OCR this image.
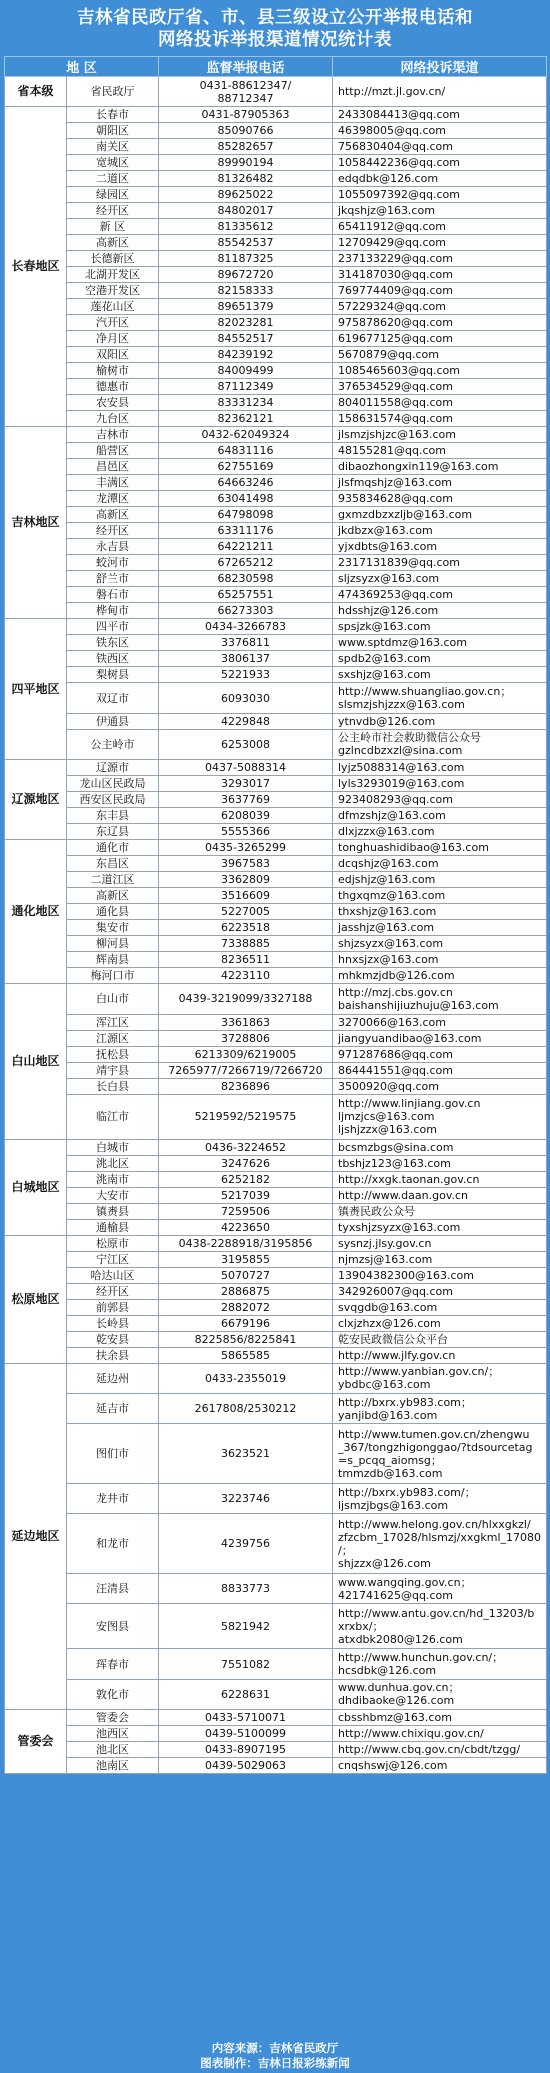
吉林省民政厅省、市、县三级设立公开举报电话和
网络投诉举报渠道情况统计表
地 区		监督举报电话	网络投诉渠道
省本级	省民政厅	0431-88612347/
88712347	http://mzt.jl.gov.cn/
长春地区	长春市	0431-87905363	2433084413@qq.com
	朝阳区	85090766	46398005@qq.com
	南关区	85282657	756830404@qq.com
	宽城区	89990194	1058442236@qq.com
	二道区	81326482	edqdbk@126.com
	绿园区	89625022	1055097392@qq.com
	经开区	84802017	jkqshjz@163.com
	新 区	81335612	65411912@qq.com
	高新区	85542537	12709429@qq.com
	长德新区	81187325	237133229@qq.com
	北湖开发区	89672720	314187030@qq.com
	空港开发区	82158333	769774409@qq.com
	莲花山区	89651379	57229324@qq.com
	汽开区	82023281	975878620@qq.com
	净月区	84552517	619677125@qq.com
	双阳区	84239192	5670879@qq.com
	榆树市	84009499	1085465603@qq.com
	德惠市	87112349	376534529@qq.com
	农安县	83331234	804011558@qq.com
	九台区	82362121	158631574@qq.com
吉林地区	吉林市	0432-62049324	jlsmzjshjzc@163.com
	船营区	64831116	48155281@qq.com
	昌邑区	62755169	dibaozhongxin119@163.com
	丰满区	64663246	jlsfmqshjz@163.com
	龙潭区	63041498	935834628@qq.com
	高新区	64798098	gxmzdbzxzljb@163.com
	经开区	63311176	jkdbzx@163.com
	永吉县	64221211	yjxdbts@163.com
	蛟河市	67265212	2317131839@qq.com
	舒兰市	68230598	sljzsyzx@163.com
	磐石市	65257551	474369253@qq.com
	桦甸市	66273303	hdsshjz@126.com
四平地区	四平市	0434-3266783	spsjzk@163.com
	铁东区	3376811	www.sptdmz@163.com
	铁西区	3806137	spdb2@163.com
	梨树县	5221933	sxshjz@163.com
	双辽市	6093030	http://www.shuangliao.gov.cn；
slsmzjshjzzx@163.com
	伊通县	4229848	ytnvdb@126.com
	公主岭市	6253008	公主岭市社会救助微信公众号
gzlncdbzxzl@sina.com
辽源地区	辽源市	0437-5088314	lyjz5088314@163.com
	龙山区民政局	3293017	lyls3293019@163.com
	西安区民政局	3637769	923408293@qq.com
	东丰县	6208039	dfmzshjz@163.com
	东辽县	5555366	dlxjzzx@163.com
通化地区	通化市	0435-3265299	tonghuashidibao@163.com
	东昌区	3967583	dcqshjz@163.com
	二道江区	3362809	edjshjz@163.com
	高新区	3516609	thgxqmz@163.com
	通化县	5227005	thxshjz@163.com
	集安市	6223518	jasshjz@163.com
	柳河县	7338885	shjzsyzx@163.com
	辉南县	8236511	hnxsjzx@163.com
	梅河口市	4223110	mhkmzjdb@126.com
白山地区	白山市	0439-3219099/3327188	http://mzj.cbs.gov.cn
baishanshijiuzhuju@163.com
	浑江区	3361863	3270066@163.com
	江源区	3728806	jiangyuandibao@163.com
	抚松县	6213309/6219005	971287686@qq.com
	靖宇县	7265977/7266719/7266720	864441551@qq.com
	长白县	8236896	3500920@qq.com
	临江市	5219592/5219575	http://www.linjiang.gov.cn
ljmzjcs@163.com
ljshjzzx@163.com
白城地区	白城市	0436-3224652	bcsmzbgs@sina.com
	洮北区	3247626	tbshjz123@163.com
	洮南市	6252182	http://xxgk.taonan.gov.cn
	大安市	5217039	http://www.daan.gov.cn
	镇赉县	7259506	镇赉民政公众号
	通榆县	4223650	tyxshjzsyzx@163.com
松原地区	松原市	0438-2288918/3195856	sysnzj.jlsy.gov.cn
	宁江区	3195855	njmzsj@163.com
	哈达山区	5070727	13904382300@163.com
	经开区	2886875	342926007@qq.com
	前郭县	2882072	svqgdb@163.com
	长岭县	6679196	clxjzhzx@126.com
	乾安县	8225856/8225841	乾安民政微信公众平台
	扶余县	5865585	http://www.jlfy.gov.cn
延边地区	延边州	0433-2355019	http://www.yanbian.gov.cn/；
ybdbc@163.com
	延吉市	2617808/2530212	http://bxrx.yb983.com；
yanjibd@163.com
	图们市	3623521	http://www.tumen.gov.cn/zhengwu
_367/tongzhigonggao/?tdsourcetag
=s_pcqq_aiomsg；
tmmzdb@163.com
	龙井市	3223746	http://bxrx.yb983.com/；
ljsmzjbgs@163.com
	和龙市	4239756	http://www.helong.gov.cn/hlxxgkzl/
zfzcbm_17028/hlsmzj/xxgkml_17080
/；
shjzzx@126.com
	汪清县	8833773	www.wangqing.gov.cn；
421741625@qq.com
	安图县	5821942	http://www.antu.gov.cn/hd_13203/b
xrxbx/；
atxdbk2080@126.com
	珲春市	7551082	http://www.hunchun.gov.cn/；
hcsdbk@126.com
	敦化市	6228631	www.dunhua.gov.cn；
dhdibaoke@126.com
管委会	管委会	0433-5710071	cbsshbmz@163.com
	池西区	0439-5100099	http://www.chixiqu.gov.cn/
	池北区	0433-8907195	http://www.cbq.gov.cn/cbdt/tzgg/
	池南区	0439-5029063	cnqshswj@126.com
内容来源：吉林省民政厅
图表制作：吉林日报彩练新闻
